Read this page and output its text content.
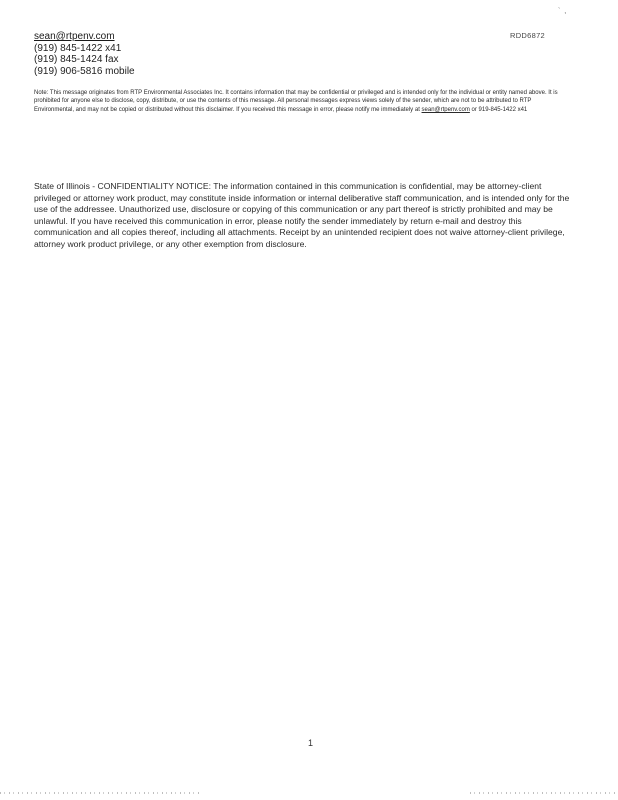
` ,
RDD6872
sean@rtpenv.com
(919) 845-1422 x41
(919) 845-1424 fax
(919) 906-5816 mobile
Note: This message originates from RTP Environmental Associates Inc. It contains information that may be confidential or privileged and is intended only for the individual or entity named above. It is prohibited for anyone else to disclose, copy, distribute, or use the contents of this message. All personal messages express views solely of the sender, which are not to be attributed to RTP Environmental, and may not be copied or distributed without this disclaimer. If you received this message in error, please notify me immediately at sean@rtpenv.com or 919-845-1422 x41
State of Illinois - CONFIDENTIALITY NOTICE: The information contained in this communication is confidential, may be attorney-client privileged or attorney work product, may constitute inside information or internal deliberative staff communication, and is intended only for the use of the addressee. Unauthorized use, disclosure or copying of this communication or any part thereof is strictly prohibited and may be unlawful. If you have received this communication in error, please notify the sender immediately by return e-mail and destroy this communication and all copies thereof, including all attachments. Receipt by an unintended recipient does not waive attorney-client privilege, attorney work product privilege, or any other exemption from disclosure.
1
